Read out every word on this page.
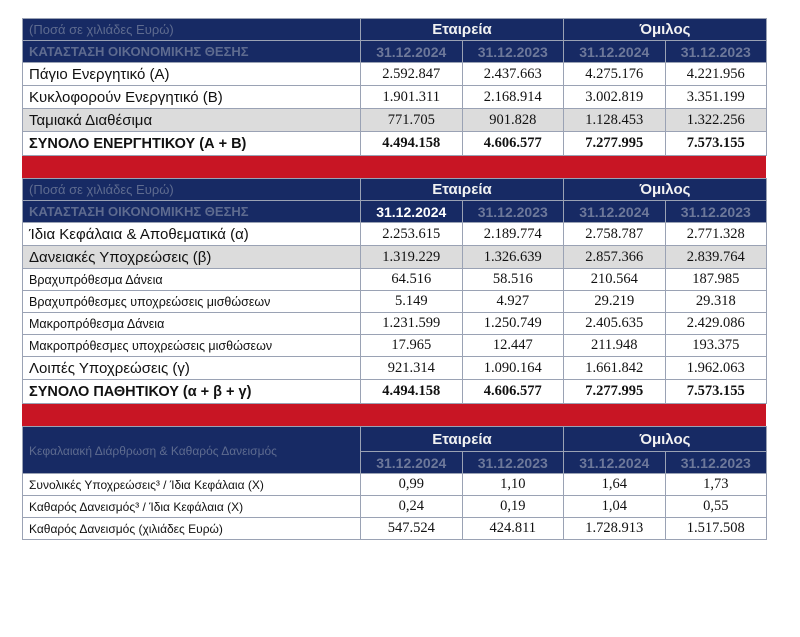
(Ποσά σε χιλιάδες Ευρώ)	Εταιρεία		Όμιλος	
ΚΑΤΑΣΤΑΣΗ ΟΙΚΟΝΟΜΙΚΗΣ ΘΕΣΗΣ	31.12.2024	31.12.2023	31.12.2024	31.12.2023
Πάγιο Ενεργητικό (Α)	2.592.847	2.437.663	4.275.176	4.221.956
Κυκλοφορούν Ενεργητικό (Β)	1.901.311	2.168.914	3.002.819	3.351.199
Ταμιακά Διαθέσιμα	771.705	901.828	1.128.453	1.322.256
ΣΥΝΟΛΟ ΕΝΕΡΓΗΤΙΚΟΥ (Α + Β)	4.494.158	4.606.577	7.277.995	7.573.155
(Ποσά σε χιλιάδες Ευρώ)	Εταιρεία		Όμιλος	
ΚΑΤΑΣΤΑΣΗ ΟΙΚΟΝΟΜΙΚΗΣ ΘΕΣΗΣ	31.12.2024	31.12.2023	31.12.2024	31.12.2023
Ίδια Κεφάλαια & Αποθεματικά (α)	2.253.615	2.189.774	2.758.787	2.771.328
Δανειακές Υποχρεώσεις (β)	1.319.229	1.326.639	2.857.366	2.839.764
Βραχυπρόθεσμα Δάνεια	64.516	58.516	210.564	187.985
Βραχυπρόθεσμες υποχρεώσεις μισθώσεων	5.149	4.927	29.219	29.318
Μακροπρόθεσμα Δάνεια	1.231.599	1.250.749	2.405.635	2.429.086
Μακροπρόθεσμες υποχρεώσεις μισθώσεων	17.965	12.447	211.948	193.375
Λοιπές Υποχρεώσεις (γ)	921.314	1.090.164	1.661.842	1.962.063
ΣΥΝΟΛΟ ΠΑΘΗΤΙΚΟΥ (α + β + γ)	4.494.158	4.606.577	7.277.995	7.573.155
Κεφαλαιακή Διάρθρωση & Καθαρός Δανεισμός	Εταιρεία		Όμιλος	
	31.12.2024	31.12.2023	31.12.2024	31.12.2023
Συνολικές Υποχρεώσεις³ / Ίδια Κεφάλαια (Χ)	0,99	1,10	1,64	1,73
Καθαρός Δανεισμός³ / Ίδια Κεφάλαια (Χ)	0,24	0,19	1,04	0,55
Καθαρός Δανεισμός (χιλιάδες Ευρώ)	547.524	424.811	1.728.913	1.517.508
